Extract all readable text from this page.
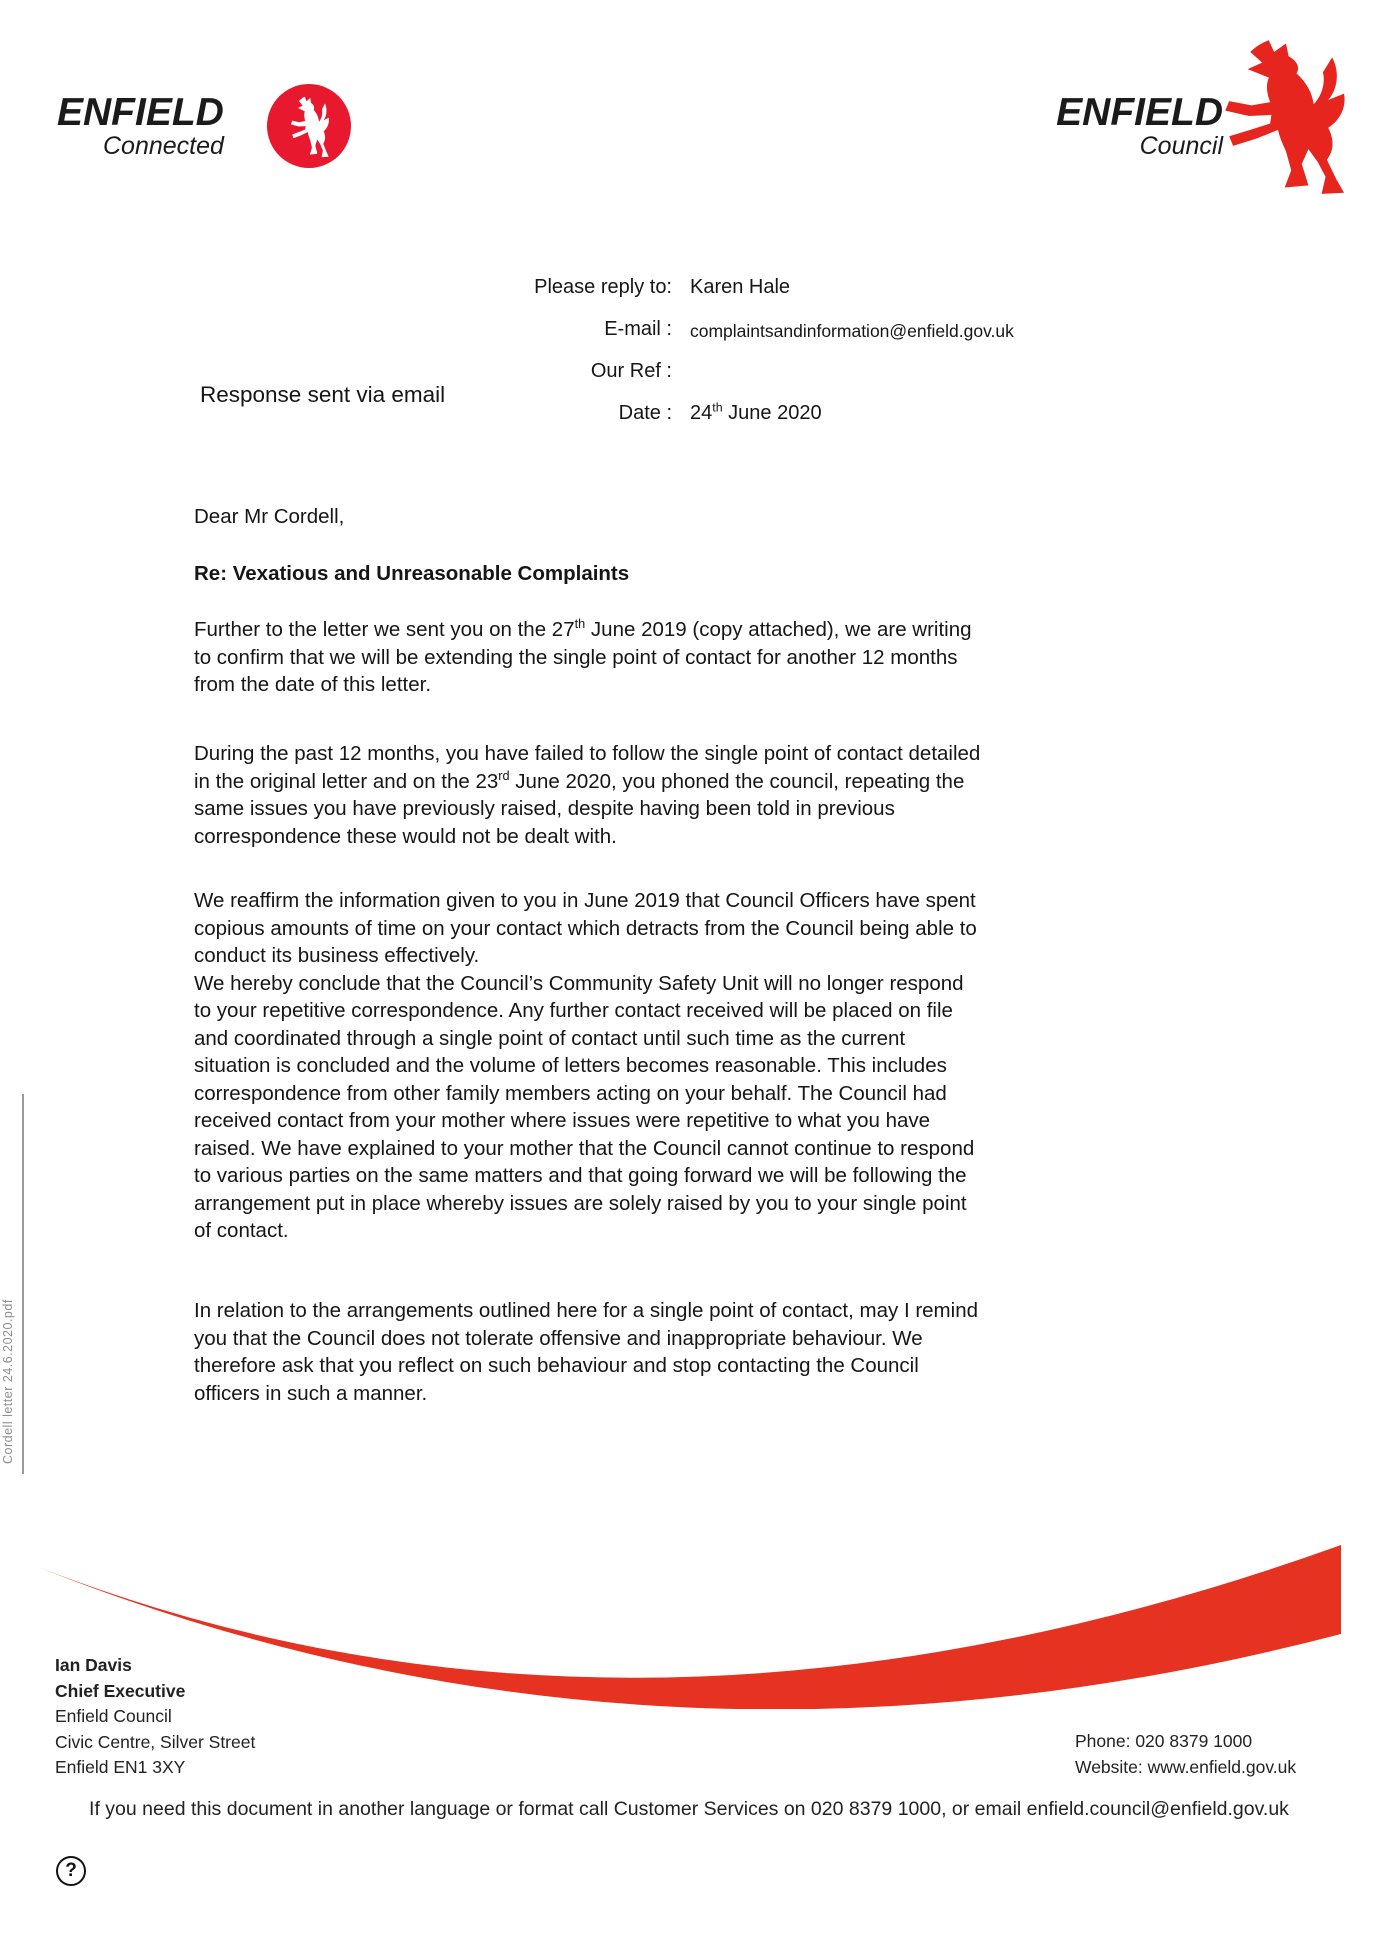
ENFIELD
Connected
ENFIELD
Council
Please reply to: Karen Hale
E-mail : complaintsandinformation@enfield.gov.uk
Our Ref :
Date : 24th June 2020
Response sent via email
Dear Mr Cordell,
Re: Vexatious and Unreasonable Complaints
Further to the letter we sent you on the 27th June 2019 (copy attached), we are writing
to confirm that we will be extending the single point of contact for another 12 months
from the date of this letter.
During the past 12 months, you have failed to follow the single point of contact detailed
in the original letter and on the 23rd June 2020, you phoned the council, repeating the
same issues you have previously raised, despite having been told in previous
correspondence these would not be dealt with.
We reaffirm the information given to you in June 2019 that Council Officers have spent
copious amounts of time on your contact which detracts from the Council being able to
conduct its business effectively.
We hereby conclude that the Council’s Community Safety Unit will no longer respond
to your repetitive correspondence. Any further contact received will be placed on file
and coordinated through a single point of contact until such time as the current
situation is concluded and the volume of letters becomes reasonable. This includes
correspondence from other family members acting on your behalf. The Council had
received contact from your mother where issues were repetitive to what you have
raised. We have explained to your mother that the Council cannot continue to respond
to various parties on the same matters and that going forward we will be following the
arrangement put in place whereby issues are solely raised by you to your single point
of contact.
In relation to the arrangements outlined here for a single point of contact, may I remind
you that the Council does not tolerate offensive and inappropriate behaviour. We
therefore ask that you reflect on such behaviour and stop contacting the Council
officers in such a manner.
Cordell letter 24.6.2020.pdf
Ian Davis
Chief Executive
Enfield Council
Civic Centre, Silver Street
Enfield EN1 3XY
Phone: 020 8379 1000
Website: www.enfield.gov.uk
If you need this document in another language or format call Customer Services on 020 8379 1000, or email enfield.council@enfield.gov.uk
?
